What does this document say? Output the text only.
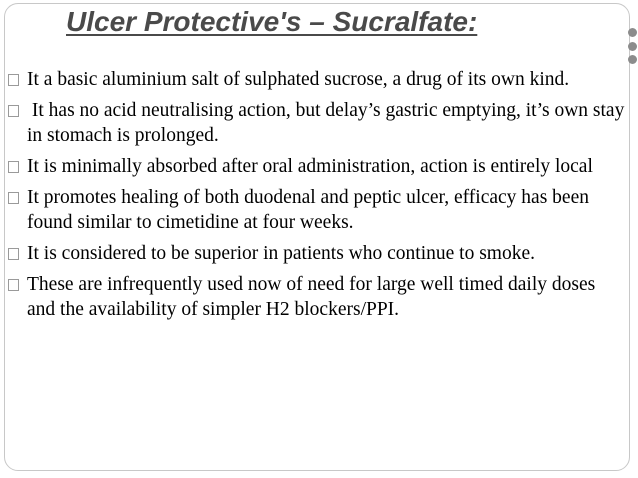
Ulcer Protective's – Sucralfate:
It a basic aluminium salt of sulphated sucrose, a drug of its own kind.
It has no acid neutralising action, but delay’s gastric emptying, it’s own stay in stomach is prolonged.
It is minimally absorbed after oral administration, action is entirely local
It promotes healing of both duodenal and peptic ulcer, efficacy has been found similar to cimetidine at four weeks.
It is considered to be superior in patients who continue to smoke.
These are infrequently used now of need for large well timed daily doses  and the availability of simpler H2 blockers/PPI.
